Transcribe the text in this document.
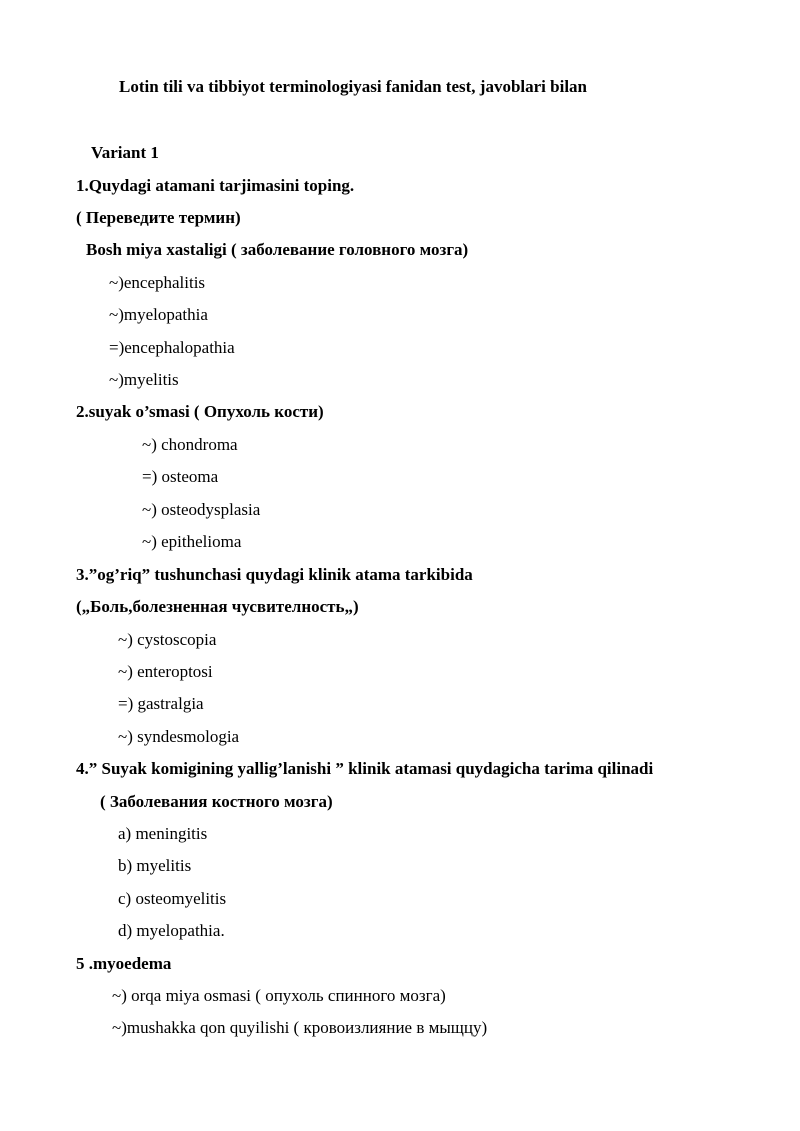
Lotin tili va tibbiyot terminologiyasi fanidan test, javoblari bilan
Variant 1
1.Quydagi atamani tarjimasini toping.
( Переведите термин)
Bosh miya xastaligi ( заболевание головного мозга)
~)encephalitis
~)myelopathia
=)encephalopathia
~)myelitis
2.suyak o’smasi ( Опухоль кости)
~) chondroma
=) osteoma
~) osteodysplasia
~) epithelioma
3.”og’riq” tushunchasi quydagi klinik atama tarkibida
(„Боль,болезненная чусвителность„)
~) cystoscopia
~) enteroptosi
=) gastralgia
~) syndesmologia
4.” Suyak komigining yallig’lanishi ” klinik atamasi quydagicha tarima qilinadi
( Заболевания костного мозга)
a) meningitis
b) myelitis
c) osteomyelitis
d) myelopathia.
5 .myoedema
~) orqa miya osmasi ( опухоль спинного мозга)
~)mushakka qon quyilishi ( кровоизлияние в мыщцу)
